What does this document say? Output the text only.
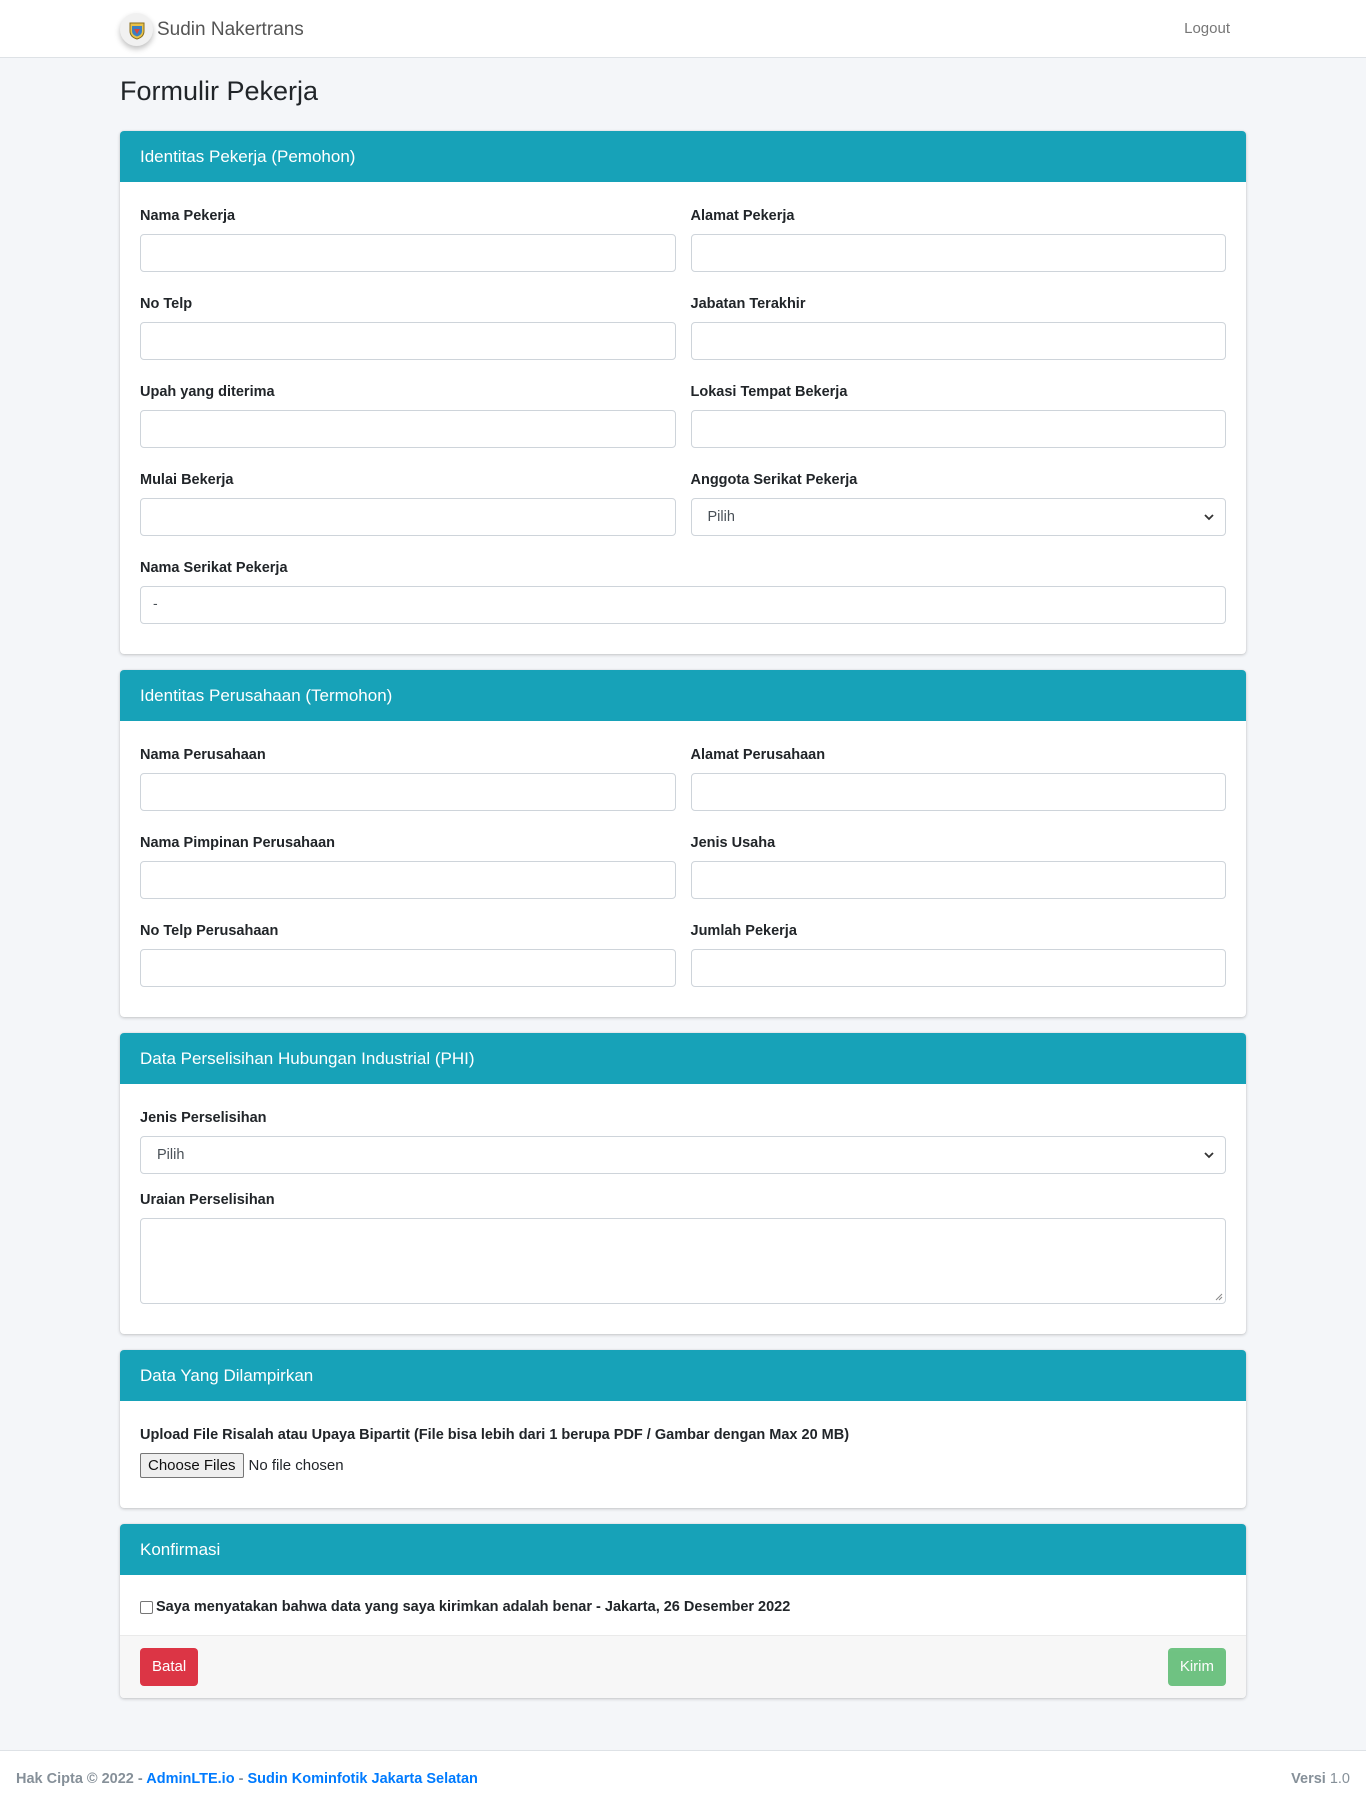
Sudin Nakertrans	Logout
Formulir Pekerja
Identitas Pekerja (Pemohon)
Nama Pekerja	Alamat Pekerja
No Telp	Jabatan Terakhir
Upah yang diterima	Lokasi Tempat Bekerja
Mulai Bekerja	Anggota Serikat Pekerja
Pilih
Nama Serikat Pekerja
-
Identitas Perusahaan (Termohon)
Nama Perusahaan	Alamat Perusahaan
Nama Pimpinan Perusahaan	Jenis Usaha
No Telp Perusahaan	Jumlah Pekerja
Data Perselisihan Hubungan Industrial (PHI)
Jenis Perselisihan
Pilih
Uraian Perselisihan
Data Yang Dilampirkan
Upload File Risalah atau Upaya Bipartit (File bisa lebih dari 1 berupa PDF / Gambar dengan Max 20 MB)
Choose Files No file chosen
Konfirmasi
Saya menyatakan bahwa data yang saya kirimkan adalah benar - Jakarta, 26 Desember 2022
Batal	Kirim
Hak Cipta © 2022 - AdminLTE.io - Sudin Kominfotik Jakarta Selatan	Versi 1.0
